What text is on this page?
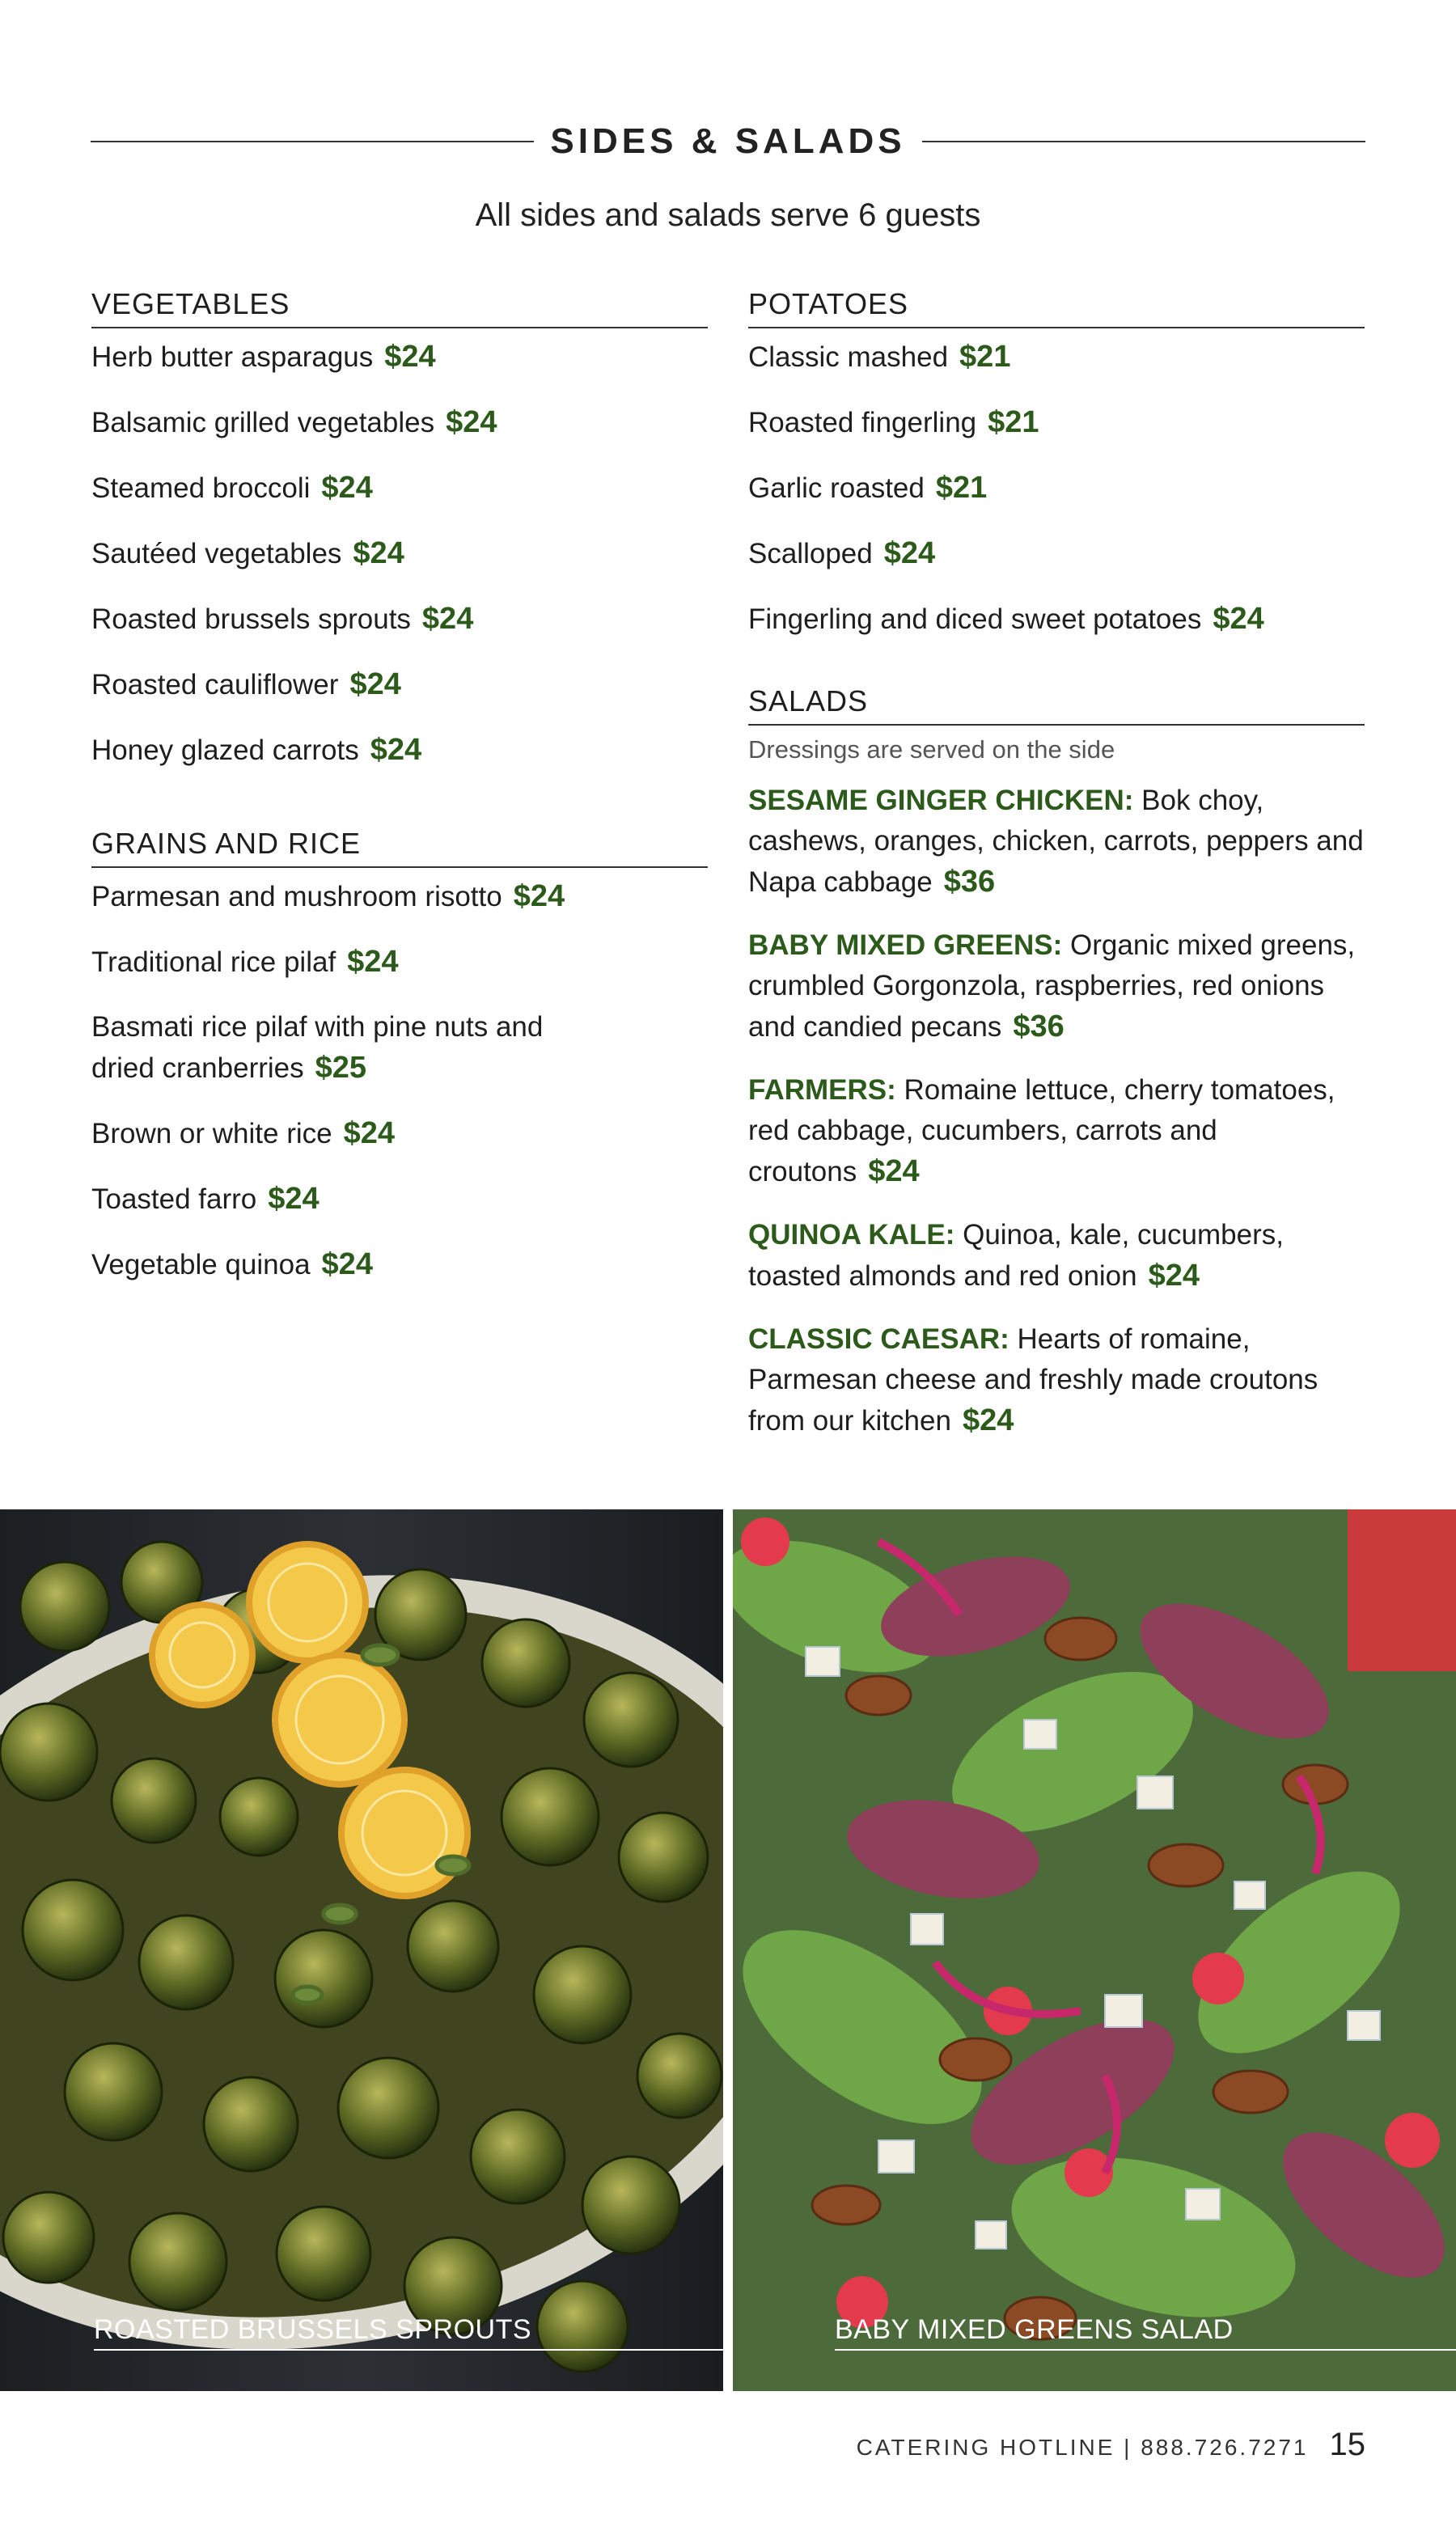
SIDES & SALADS
All sides and salads serve 6 guests
VEGETABLES
Herb butter asparagus $24
Balsamic grilled vegetables $24
Steamed broccoli $24
Sautéed vegetables $24
Roasted brussels sprouts $24
Roasted cauliflower $24
Honey glazed carrots $24
GRAINS AND RICE
Parmesan and mushroom risotto $24
Traditional rice pilaf $24
Basmati rice pilaf with pine nuts and dried cranberries $25
Brown or white rice $24
Toasted farro $24
Vegetable quinoa $24
POTATOES
Classic mashed $21
Roasted fingerling $21
Garlic roasted $21
Scalloped $24
Fingerling and diced sweet potatoes $24
SALADS
Dressings are served on the side
SESAME GINGER CHICKEN: Bok choy, cashews, oranges, chicken, carrots, peppers and Napa cabbage $36
BABY MIXED GREENS: Organic mixed greens, crumbled Gorgonzola, raspberries, red onions and candied pecans $36
FARMERS: Romaine lettuce, cherry tomatoes, red cabbage, cucumbers, carrots and croutons $24
QUINOA KALE: Quinoa, kale, cucumbers, toasted almonds and red onion $24
CLASSIC CAESAR: Hearts of romaine, Parmesan cheese and freshly made croutons from our kitchen $24
ROASTED BRUSSELS SPROUTS	BABY MIXED GREENS SALAD
CATERING HOTLINE | 888.726.7271 15
